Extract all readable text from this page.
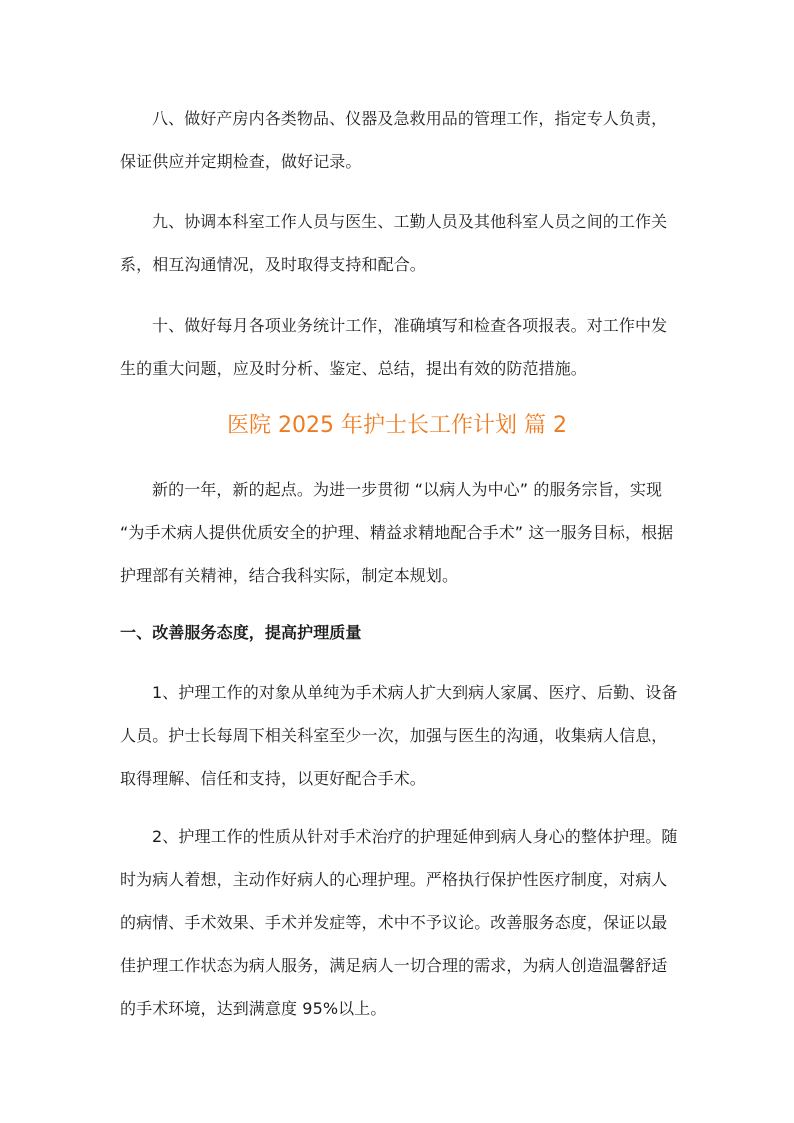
八、做好产房内各类物品、仪器及急救用品的管理工作，指定专人负责，保证供应并定期检查，做好记录。

九、协调本科室工作人员与医生、工勤人员及其他科室人员之间的工作关系，相互沟通情况，及时取得支持和配合。

十、做好每月各项业务统计工作，准确填写和检查各项报表。对工作中发生的重大问题，应及时分析、鉴定、总结，提出有效的防范措施。

医院 2025 年护士长工作计划 篇 2

新的一年，新的起点。为进一步贯彻 “以病人为中心” 的服务宗旨，实现 “为手术病人提供优质安全的护理、精益求精地配合手术” 这一服务目标，根据护理部有关精神，结合我科实际，制定本规划。

一、改善服务态度，提高护理质量

1、护理工作的对象从单纯为手术病人扩大到病人家属、医疗、后勤、设备人员。护士长每周下相关科室至少一次，加强与医生的沟通，收集病人信息，取得理解、信任和支持，以更好配合手术。

2、护理工作的性质从针对手术治疗的护理延伸到病人身心的整体护理。随时为病人着想，主动作好病人的心理护理。严格执行保护性医疗制度，对病人的病情、手术效果、手术并发症等，术中不予议论。改善服务态度，保证以最佳护理工作状态为病人服务，满足病人一切合理的需求，为病人创造温馨舒适的手术环境，达到满意度 95%以上。
